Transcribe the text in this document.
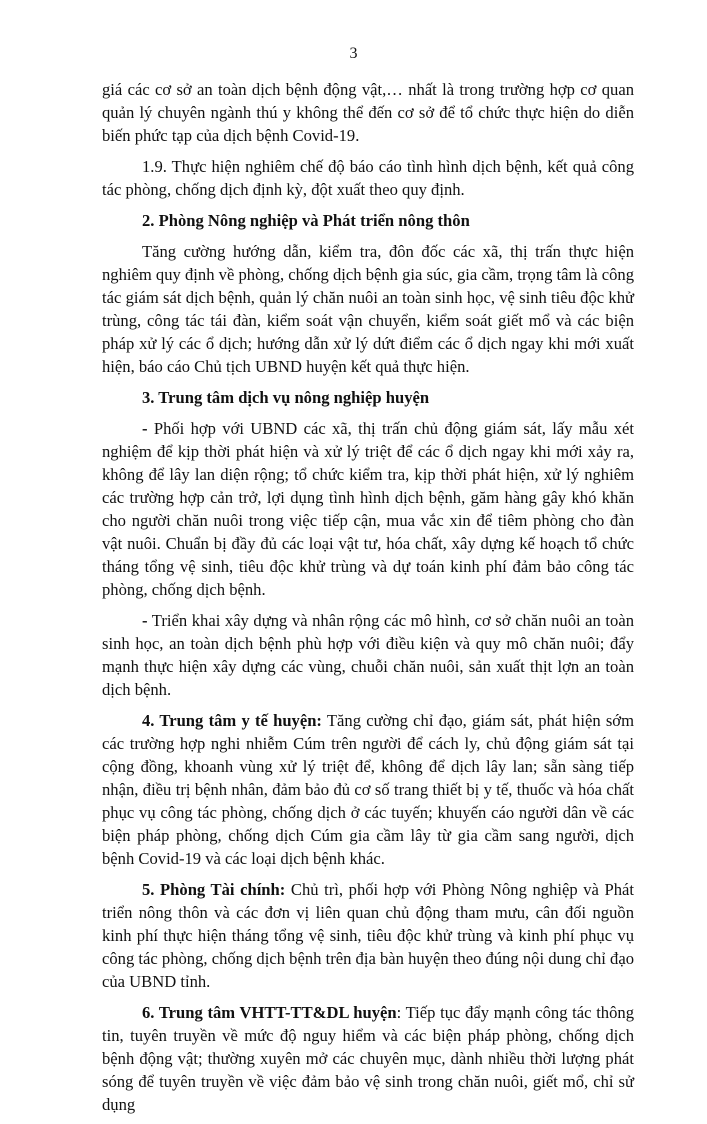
3

giá các cơ sở an toàn dịch bệnh động vật,… nhất là trong trường hợp cơ quan quản lý chuyên ngành thú y không thể đến cơ sở để tổ chức thực hiện do diễn biến phức tạp của dịch bệnh Covid-19.

1.9. Thực hiện nghiêm chế độ báo cáo tình hình dịch bệnh, kết quả công tác phòng, chống dịch định kỳ, đột xuất theo quy định.

2. Phòng Nông nghiệp và Phát triển nông thôn

Tăng cường hướng dẫn, kiểm tra, đôn đốc các xã, thị trấn thực hiện nghiêm quy định về phòng, chống dịch bệnh gia súc, gia cầm, trọng tâm là công tác giám sát dịch bệnh, quản lý chăn nuôi an toàn sinh học, vệ sinh tiêu độc khử trùng, công tác tái đàn, kiểm soát vận chuyển, kiểm soát giết mổ và các biện pháp xử lý các ổ dịch; hướng dẫn xử lý dứt điểm các ổ dịch ngay khi mới xuất hiện, báo cáo Chủ tịch UBND huyện kết quả thực hiện.

3. Trung tâm dịch vụ nông nghiệp huyện

- Phối hợp với UBND các xã, thị trấn chủ động giám sát, lấy mẫu xét nghiệm để kịp thời phát hiện và xử lý triệt để các ổ dịch ngay khi mới xảy ra, không để lây lan diện rộng; tổ chức kiểm tra, kịp thời phát hiện, xử lý nghiêm các trường hợp cản trở, lợi dụng tình hình dịch bệnh, găm hàng gây khó khăn cho người chăn nuôi trong việc tiếp cận, mua vắc xin để tiêm phòng cho đàn vật nuôi. Chuẩn bị đầy đủ các loại vật tư, hóa chất, xây dựng kế hoạch tổ chức tháng tổng vệ sinh, tiêu độc khử trùng và dự toán kinh phí đảm bảo công tác phòng, chống dịch bệnh.

- Triển khai xây dựng và nhân rộng các mô hình, cơ sở chăn nuôi an toàn sinh học, an toàn dịch bệnh phù hợp với điều kiện và quy mô chăn nuôi; đẩy mạnh thực hiện xây dựng các vùng, chuỗi chăn nuôi, sản xuất thịt lợn an toàn dịch bệnh.

4. Trung tâm y tế huyện: Tăng cường chỉ đạo, giám sát, phát hiện sớm các trường hợp nghi nhiễm Cúm trên người để cách ly, chủ động giám sát tại cộng đồng, khoanh vùng xử lý triệt để, không để dịch lây lan; sẵn sàng tiếp nhận, điều trị bệnh nhân, đảm bảo đủ cơ số trang thiết bị y tế, thuốc và hóa chất phục vụ công tác phòng, chống dịch ở các tuyến; khuyến cáo người dân về các biện pháp phòng, chống dịch Cúm gia cầm lây từ gia cầm sang người, dịch bệnh Covid-19 và các loại dịch bệnh khác.

5. Phòng Tài chính: Chủ trì, phối hợp với Phòng Nông nghiệp và Phát triển nông thôn và các đơn vị liên quan chủ động tham mưu, cân đối nguồn kinh phí thực hiện tháng tổng vệ sinh, tiêu độc khử trùng và kinh phí phục vụ công tác phòng, chống dịch bệnh trên địa bàn huyện theo đúng nội dung chỉ đạo của UBND tỉnh.

6. Trung tâm VHTT-TT&DL huyện: Tiếp tục đẩy mạnh công tác thông tin, tuyên truyền về mức độ nguy hiểm và các biện pháp phòng, chống dịch bệnh động vật; thường xuyên mở các chuyên mục, dành nhiều thời lượng phát sóng để tuyên truyền về việc đảm bảo vệ sinh trong chăn nuôi, giết mổ, chỉ sử dụng
